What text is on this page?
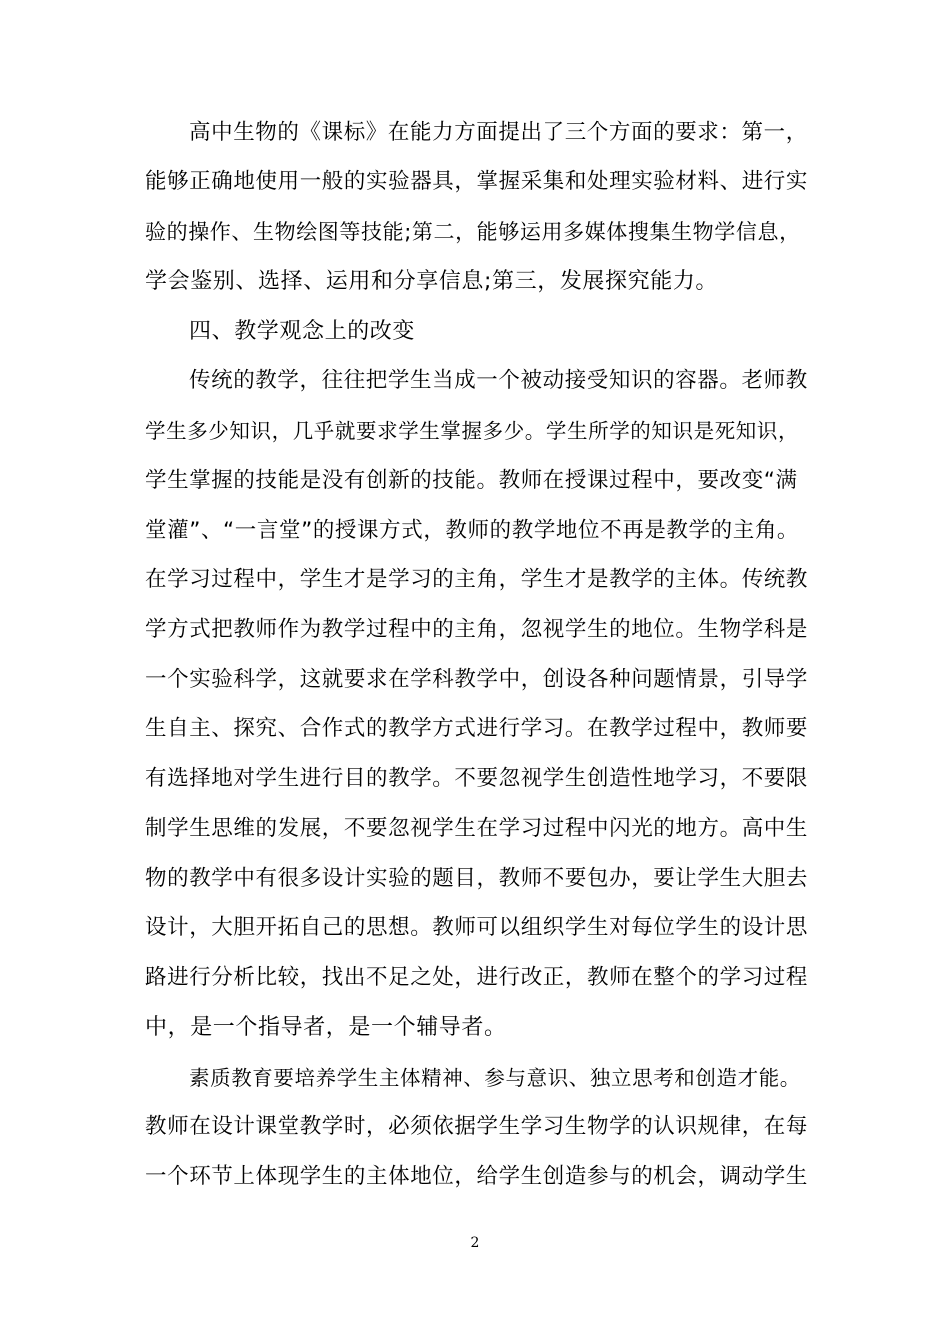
高中生物的《课标》在能力方面提出了三个方面的要求：第一，
能够正确地使用一般的实验器具，掌握采集和处理实验材料、进行实
验的操作、生物绘图等技能;第二，能够运用多媒体搜集生物学信息，
学会鉴别、选择、运用和分享信息;第三，发展探究能力。
四、教学观念上的改变
传统的教学，往往把学生当成一个被动接受知识的容器。老师教
学生多少知识，几乎就要求学生掌握多少。学生所学的知识是死知识，
学生掌握的技能是没有创新的技能。教师在授课过程中，要改变“满
堂灌”、“一言堂”的授课方式，教师的教学地位不再是教学的主角。
在学习过程中，学生才是学习的主角，学生才是教学的主体。传统教
学方式把教师作为教学过程中的主角，忽视学生的地位。生物学科是
一个实验科学，这就要求在学科教学中，创设各种问题情景，引导学
生自主、探究、合作式的教学方式进行学习。在教学过程中，教师要
有选择地对学生进行目的教学。不要忽视学生创造性地学习，不要限
制学生思维的发展，不要忽视学生在学习过程中闪光的地方。高中生
物的教学中有很多设计实验的题目，教师不要包办，要让学生大胆去
设计，大胆开拓自己的思想。教师可以组织学生对每位学生的设计思
路进行分析比较，找出不足之处，进行改正，教师在整个的学习过程
中，是一个指导者，是一个辅导者。
素质教育要培养学生主体精神、参与意识、独立思考和创造才能。
教师在设计课堂教学时，必须依据学生学习生物学的认识规律，在每
一个环节上体现学生的主体地位，给学生创造参与的机会，调动学生
2
